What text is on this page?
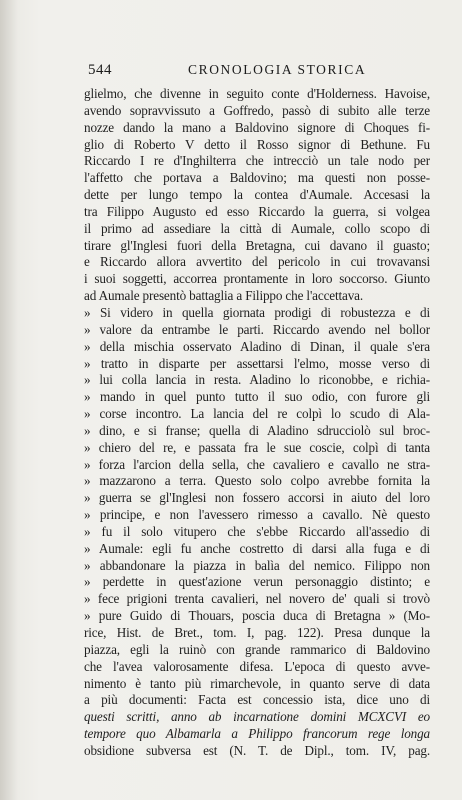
544	CRONOLOGIA STORICA
glielmo, che divenne in seguito conte d'Holderness. Havoise,
avendo sopravvissuto a Goffredo, passò di subito alle terze
nozze dando la mano a Baldovino signore di Choques fi-
glio di Roberto V detto il Rosso signor di Bethune. Fu
Riccardo I re d'Inghilterra che intrecciò un tale nodo per
l'affetto che portava a Baldovino; ma questi non posse-
dette per lungo tempo la contea d'Aumale. Accesasi la
tra Filippo Augusto ed esso Riccardo la guerra, si volgea
il primo ad assediare la città di Aumale, collo scopo di
tirare gl'Inglesi fuori della Bretagna, cui davano il guasto;
e Riccardo allora avvertito del pericolo in cui trovavansi
i suoi soggetti, accorrea prontamente in loro soccorso. Giunto
ad Aumale presentò battaglia a Filippo che l'accettava.
» Si videro in quella giornata prodigi di robustezza e di
» valore da entrambe le parti. Riccardo avendo nel bollor
» della mischia osservato Aladino di Dinan, il quale s'era
» tratto in disparte per assettarsi l'elmo, mosse verso di
» lui colla lancia in resta. Aladino lo riconobbe, e richia-
» mando in quel punto tutto il suo odio, con furore gli
» corse incontro. La lancia del re colpì lo scudo di Ala-
» dino, e si franse; quella di Aladino sdrucciolò sul broc-
» chiero del re, e passata fra le sue coscie, colpì di tanta
» forza l'arcion della sella, che cavaliero e cavallo ne stra-
» mazzarono a terra. Questo solo colpo avrebbe fornita la
» guerra se gl'Inglesi non fossero accorsi in aiuto del loro
» principe, e non l'avessero rimesso a cavallo. Nè questo
» fu il solo vitupero che s'ebbe Riccardo all'assedio di
» Aumale: egli fu anche costretto di darsi alla fuga e di
» abbandonare la piazza in balìa del nemico. Filippo non
» perdette in quest'azione verun personaggio distinto; e
» fece prigioni trenta cavalieri, nel novero de' quali si trovò
» pure Guido di Thouars, poscia duca di Bretagna » (Mo-
rice, Hist. de Bret., tom. I, pag. 122). Presa dunque la
piazza, egli la ruinò con grande rammarico di Baldovino
che l'avea valorosamente difesa. L'epoca di questo avve-
nimento è tanto più rimarchevole, in quanto serve di data
a più documenti: Facta est concessio ista, dice uno di
questi scritti, anno ab incarnatione domini MCXCVI eo
tempore quo Albamarla a Philippo francorum rege longa
obsidione subversa est (N. T. de Dipl., tom. IV, pag.
